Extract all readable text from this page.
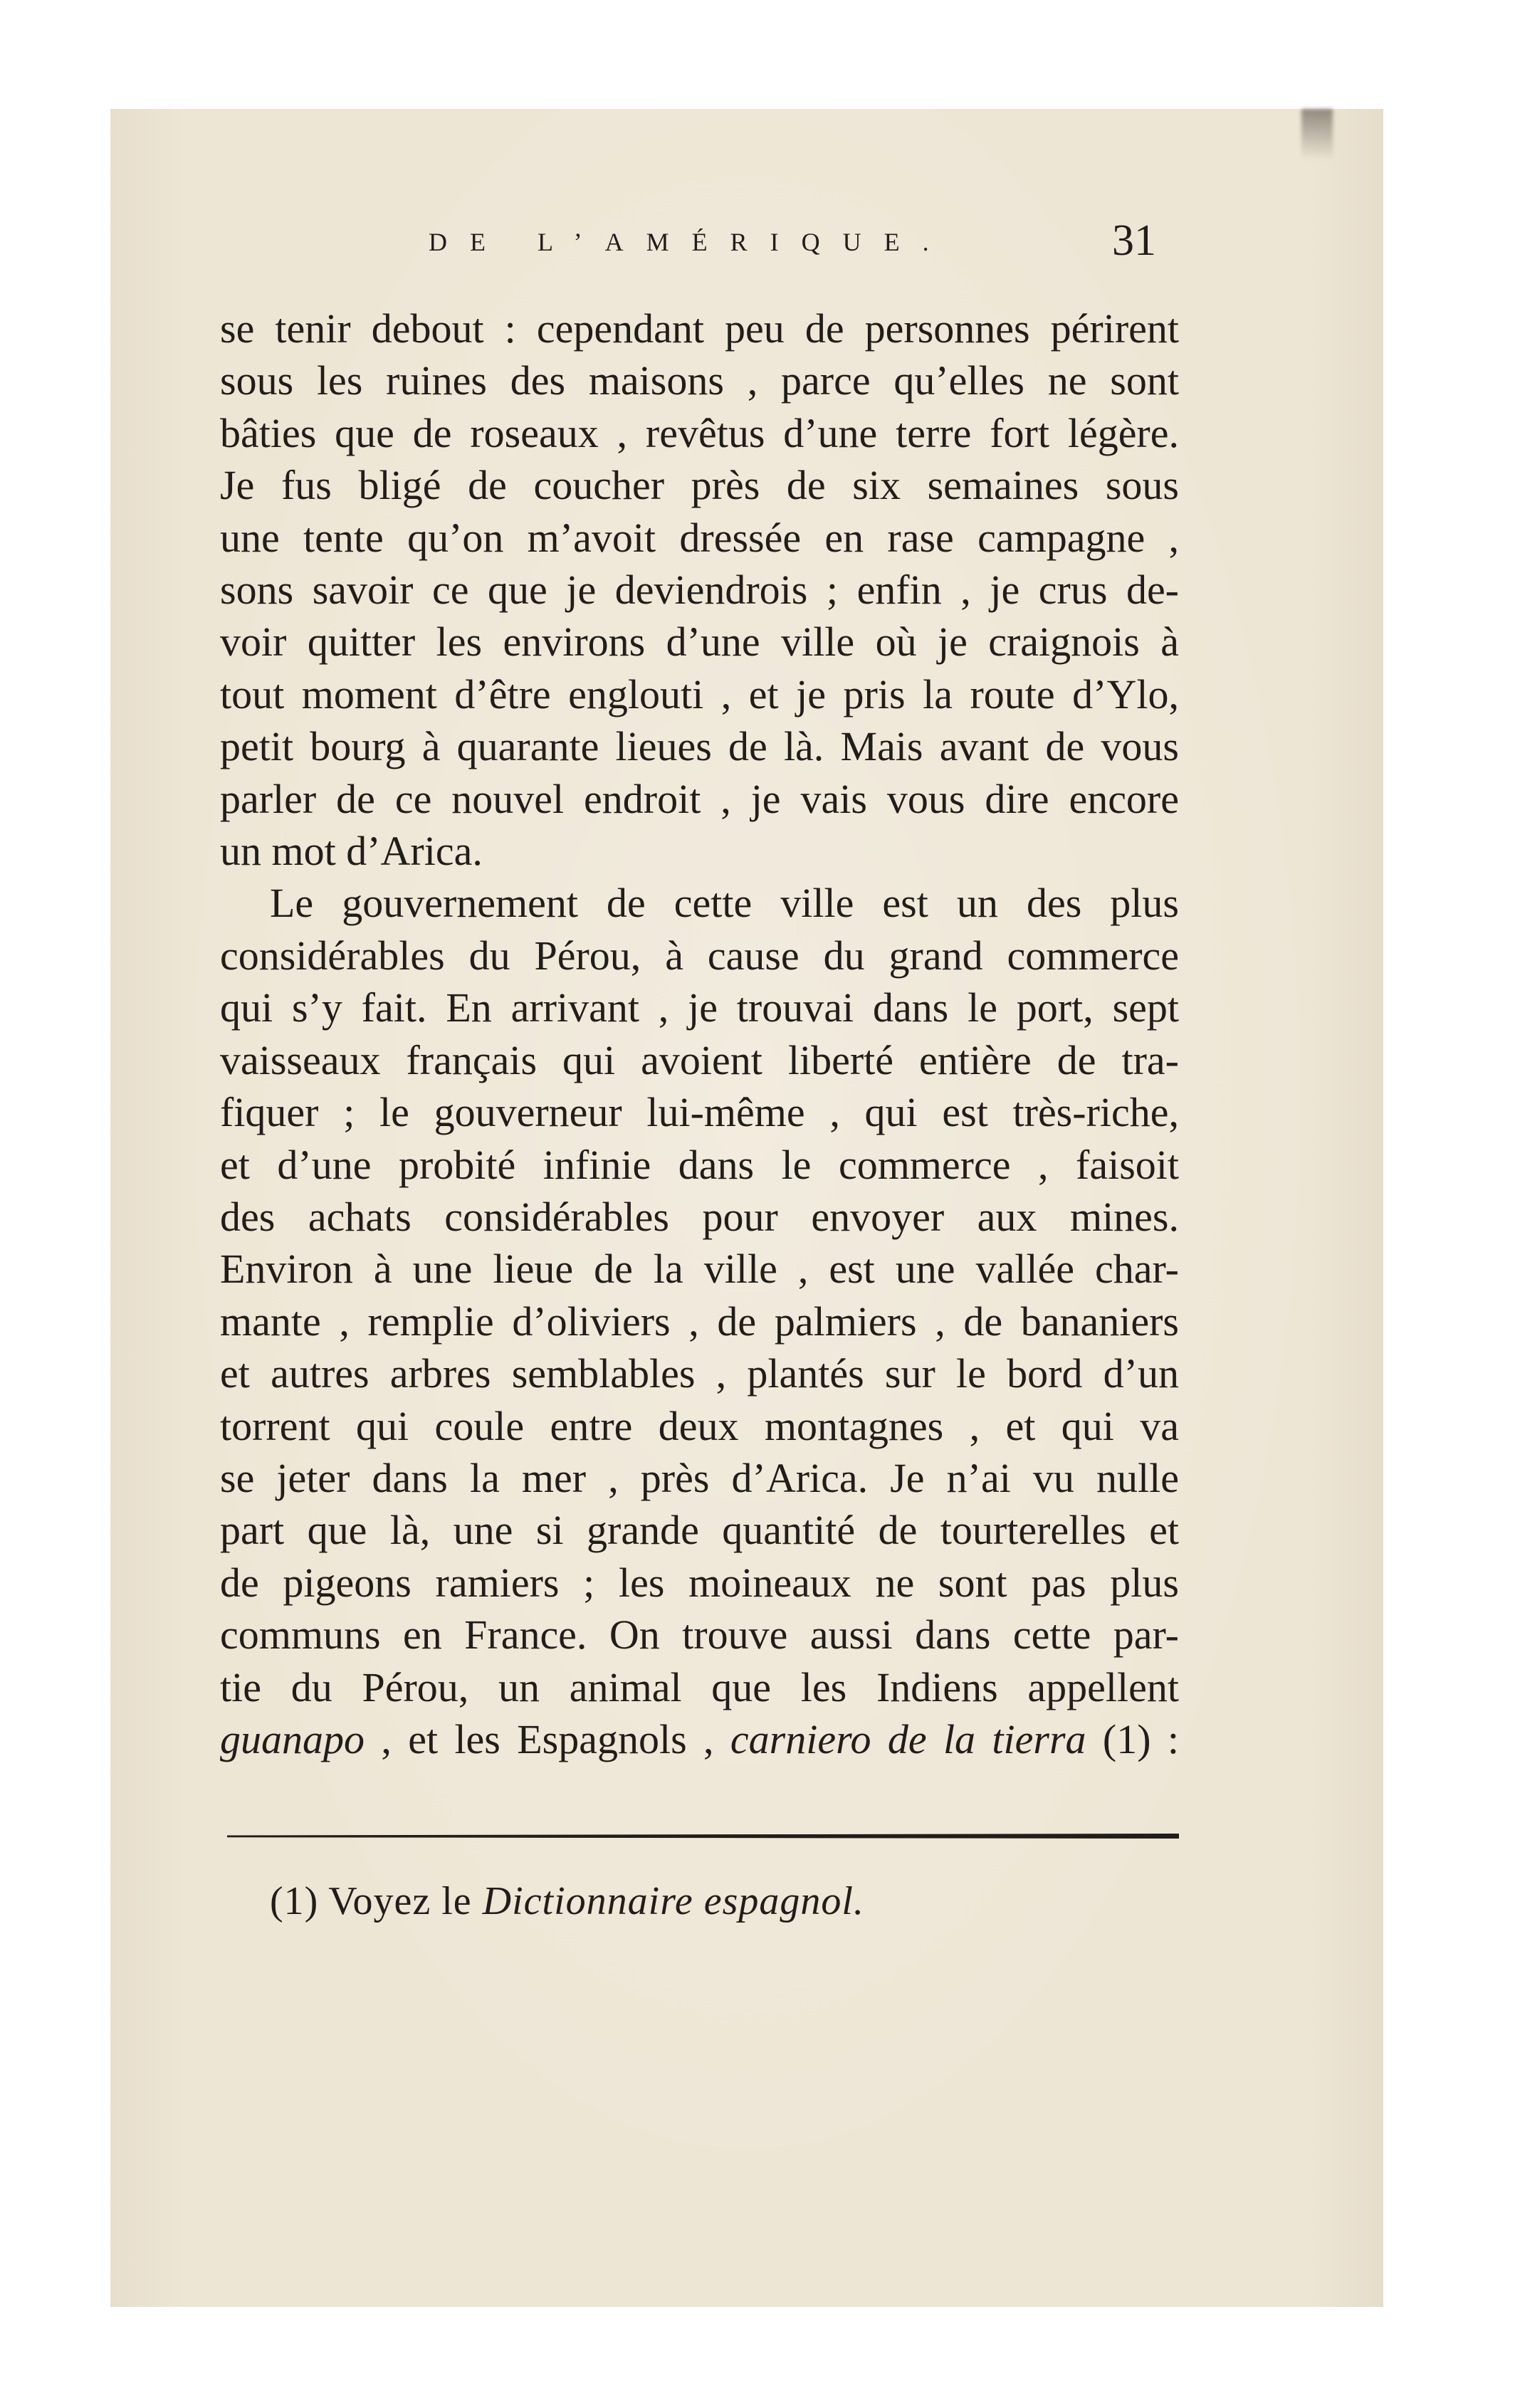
DE L’AMÉRIQUE.	31
se tenir debout : cependant peu de personnes périrent
sous les ruines des maisons , parce qu’elles ne sont
bâties que de roseaux , revêtus d’une terre fort légère.
Je fus bligé de coucher près de six semaines sous
une tente qu’on m’avoit dressée en rase campagne ,
sons savoir ce que je deviendrois ; enfin , je crus de-
voir quitter les environs d’une ville où je craignois à
tout moment d’être englouti , et je pris la route d’Ylo,
petit bourg à quarante lieues de là. Mais avant de vous
parler de ce nouvel endroit , je vais vous dire encore
un mot d’Arica.
Le gouvernement de cette ville est un des plus
considérables du Pérou, à cause du grand commerce
qui s’y fait. En arrivant , je trouvai dans le port, sept
vaisseaux français qui avoient liberté entière de tra-
fiquer ; le gouverneur lui-même , qui est très-riche,
et d’une probité infinie dans le commerce , faisoit
des achats considérables pour envoyer aux mines.
Environ à une lieue de la ville , est une vallée char-
mante , remplie d’oliviers , de palmiers , de bananiers
et autres arbres semblables , plantés sur le bord d’un
torrent qui coule entre deux montagnes , et qui va
se jeter dans la mer , près d’Arica. Je n’ai vu nulle
part que là, une si grande quantité de tourterelles et
de pigeons ramiers ; les moineaux ne sont pas plus
communs en France. On trouve aussi dans cette par-
tie du Pérou, un animal que les Indiens appellent
guanapo , et les Espagnols , carniero de la tierra (1) :
(1) Voyez le Dictionnaire espagnol.
